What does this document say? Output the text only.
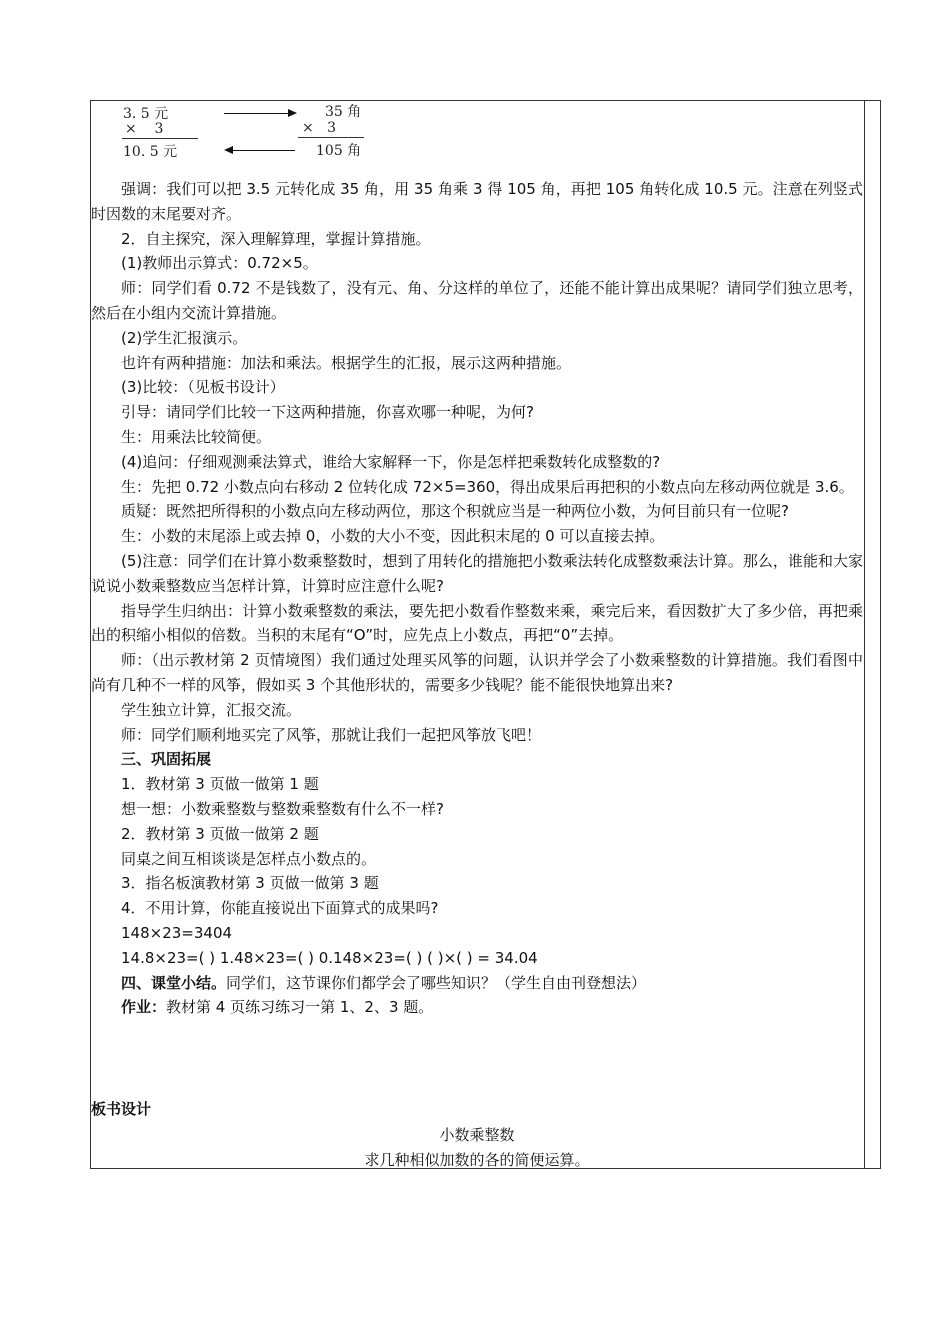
3. 5 元
×    3
10. 5 元
35 角
×   3
105 角

强调：我们可以把 3.5 元转化成 35 角，用 35 角乘 3 得 105 角，再把 105 角转化成 10.5 元。注意在列竖式时因数的末尾要对齐。

2．自主探究，深入理解算理，掌握计算措施。

(1)教师出示算式：0.72×5。

师：同学们看 0.72 不是钱数了，没有元、角、分这样的单位了，还能不能计算出成果呢？请同学们独立思考，然后在小组内交流计算措施。

(2)学生汇报演示。

也许有两种措施：加法和乘法。根据学生的汇报，展示这两种措施。

(3)比较：（见板书设计）

引导：请同学们比较一下这两种措施，你喜欢哪一种呢，为何?

生：用乘法比较简便。

(4)追问：仔细观测乘法算式，谁给大家解释一下，你是怎样把乘数转化成整数的?

生：先把 0.72 小数点向右移动 2 位转化成 72×5=360，得出成果后再把积的小数点向左移动两位就是 3.6。

质疑：既然把所得积的小数点向左移动两位，那这个积就应当是一种两位小数，为何目前只有一位呢?

生：小数的末尾添上或去掉 0，小数的大小不变，因此积末尾的 0 可以直接去掉。

(5)注意：同学们在计算小数乘整数时，想到了用转化的措施把小数乘法转化成整数乘法计算。那么，谁能和大家说说小数乘整数应当怎样计算，计算时应注意什么呢?

指导学生归纳出：计算小数乘整数的乘法，要先把小数看作整数来乘，乘完后来，看因数扩大了多少倍，再把乘出的积缩小相似的倍数。当积的末尾有“O”时，应先点上小数点，再把“0”去掉。

师：（出示教材第 2 页情境图）我们通过处理买风筝的问题，认识并学会了小数乘整数的计算措施。我们看图中尚有几种不一样的风筝，假如买 3 个其他形状的，需要多少钱呢？能不能很快地算出来?

学生独立计算，汇报交流。

师：同学们顺利地买完了风筝，那就让我们一起把风筝放飞吧！

三、巩固拓展

1．教材第 3 页做一做第 1 题

想一想：小数乘整数与整数乘整数有什么不一样?

2．教材第 3 页做一做第 2 题

同桌之间互相谈谈是怎样点小数点的。

3．指名板演教材第 3 页做一做第 3 题

4．不用计算，你能直接说出下面算式的成果吗?

148×23=3404

14.8×23=( ) 1.48×23=( ) 0.148×23=( ) ( )×( ) = 34.04

四、课堂小结。同学们，这节课你们都学会了哪些知识？（学生自由刊登想法）

作业：教材第 4 页练习练习一第 1、2、3 题。

板书设计
小数乘整数
求几种相似加数的各的简便运算。
